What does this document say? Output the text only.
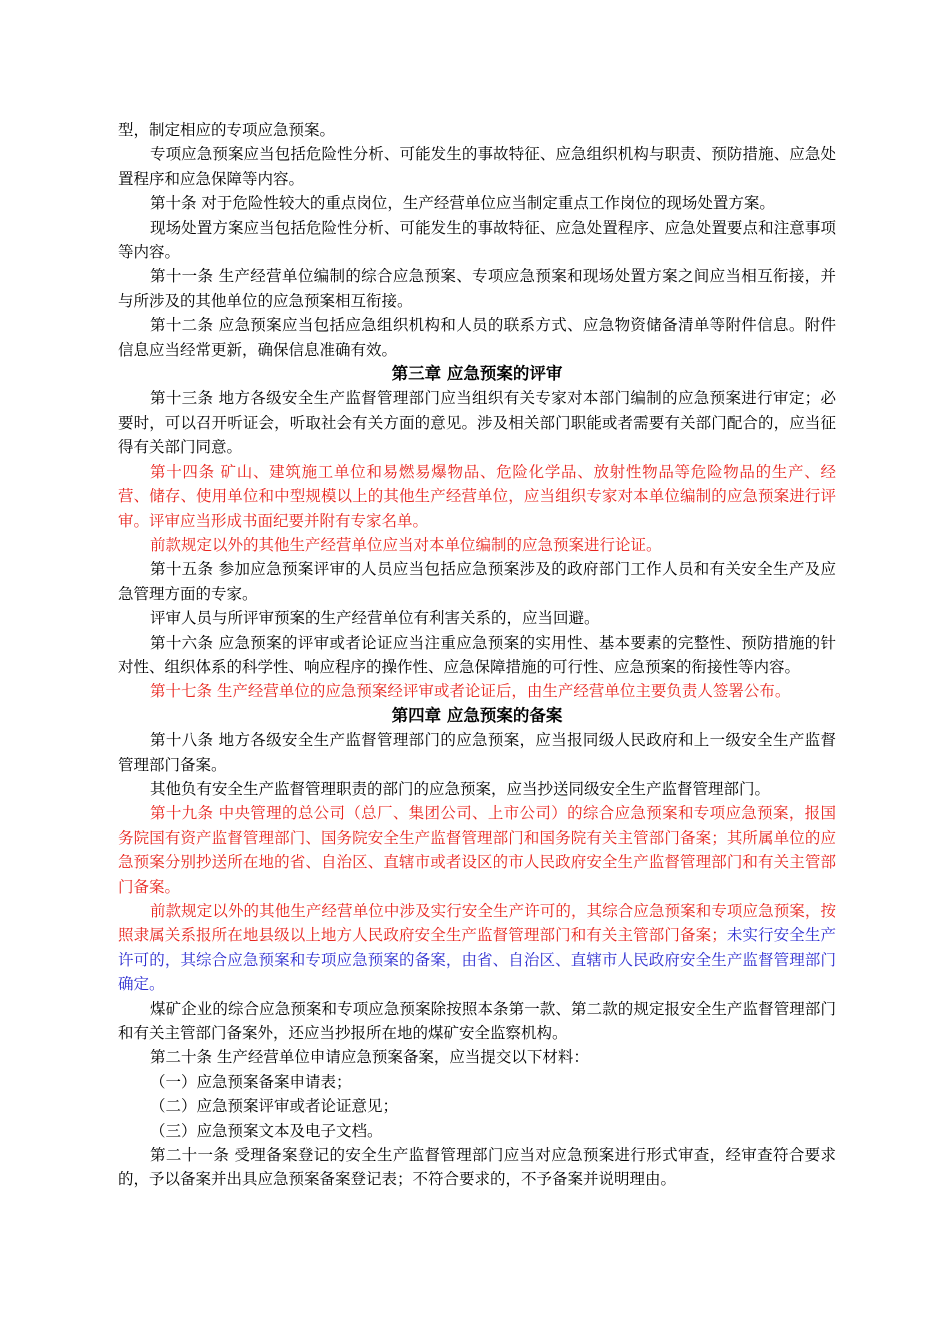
型，制定相应的专项应急预案。

专项应急预案应当包括危险性分析、可能发生的事故特征、应急组织机构与职责、预防措施、应急处置程序和应急保障等内容。

第十条 对于危险性较大的重点岗位，生产经营单位应当制定重点工作岗位的现场处置方案。

现场处置方案应当包括危险性分析、可能发生的事故特征、应急处置程序、应急处置要点和注意事项等内容。

第十一条 生产经营单位编制的综合应急预案、专项应急预案和现场处置方案之间应当相互衔接，并与所涉及的其他单位的应急预案相互衔接。

第十二条 应急预案应当包括应急组织机构和人员的联系方式、应急物资储备清单等附件信息。附件信息应当经常更新，确保信息准确有效。

第三章 应急预案的评审

第十三条 地方各级安全生产监督管理部门应当组织有关专家对本部门编制的应急预案进行审定；必要时，可以召开听证会，听取社会有关方面的意见。涉及相关部门职能或者需要有关部门配合的，应当征得有关部门同意。

第十四条 矿山、建筑施工单位和易燃易爆物品、危险化学品、放射性物品等危险物品的生产、经营、储存、使用单位和中型规模以上的其他生产经营单位，应当组织专家对本单位编制的应急预案进行评审。评审应当形成书面纪要并附有专家名单。

前款规定以外的其他生产经营单位应当对本单位编制的应急预案进行论证。

第十五条 参加应急预案评审的人员应当包括应急预案涉及的政府部门工作人员和有关安全生产及应急管理方面的专家。

评审人员与所评审预案的生产经营单位有利害关系的，应当回避。

第十六条 应急预案的评审或者论证应当注重应急预案的实用性、基本要素的完整性、预防措施的针对性、组织体系的科学性、响应程序的操作性、应急保障措施的可行性、应急预案的衔接性等内容。

第十七条 生产经营单位的应急预案经评审或者论证后，由生产经营单位主要负责人签署公布。

第四章 应急预案的备案

第十八条 地方各级安全生产监督管理部门的应急预案，应当报同级人民政府和上一级安全生产监督管理部门备案。

其他负有安全生产监督管理职责的部门的应急预案，应当抄送同级安全生产监督管理部门。

第十九条 中央管理的总公司（总厂、集团公司、上市公司）的综合应急预案和专项应急预案，报国务院国有资产监督管理部门、国务院安全生产监督管理部门和国务院有关主管部门备案；其所属单位的应急预案分别抄送所在地的省、自治区、直辖市或者设区的市人民政府安全生产监督管理部门和有关主管部门备案。

前款规定以外的其他生产经营单位中涉及实行安全生产许可的，其综合应急预案和专项应急预案，按照隶属关系报所在地县级以上地方人民政府安全生产监督管理部门和有关主管部门备案；未实行安全生产许可的，其综合应急预案和专项应急预案的备案，由省、自治区、直辖市人民政府安全生产监督管理部门确定。

煤矿企业的综合应急预案和专项应急预案除按照本条第一款、第二款的规定报安全生产监督管理部门和有关主管部门备案外，还应当抄报所在地的煤矿安全监察机构。

第二十条 生产经营单位申请应急预案备案，应当提交以下材料：

（一）应急预案备案申请表；

（二）应急预案评审或者论证意见；

（三）应急预案文本及电子文档。

第二十一条 受理备案登记的安全生产监督管理部门应当对应急预案进行形式审查，经审查符合要求的，予以备案并出具应急预案备案登记表；不符合要求的，不予备案并说明理由。
